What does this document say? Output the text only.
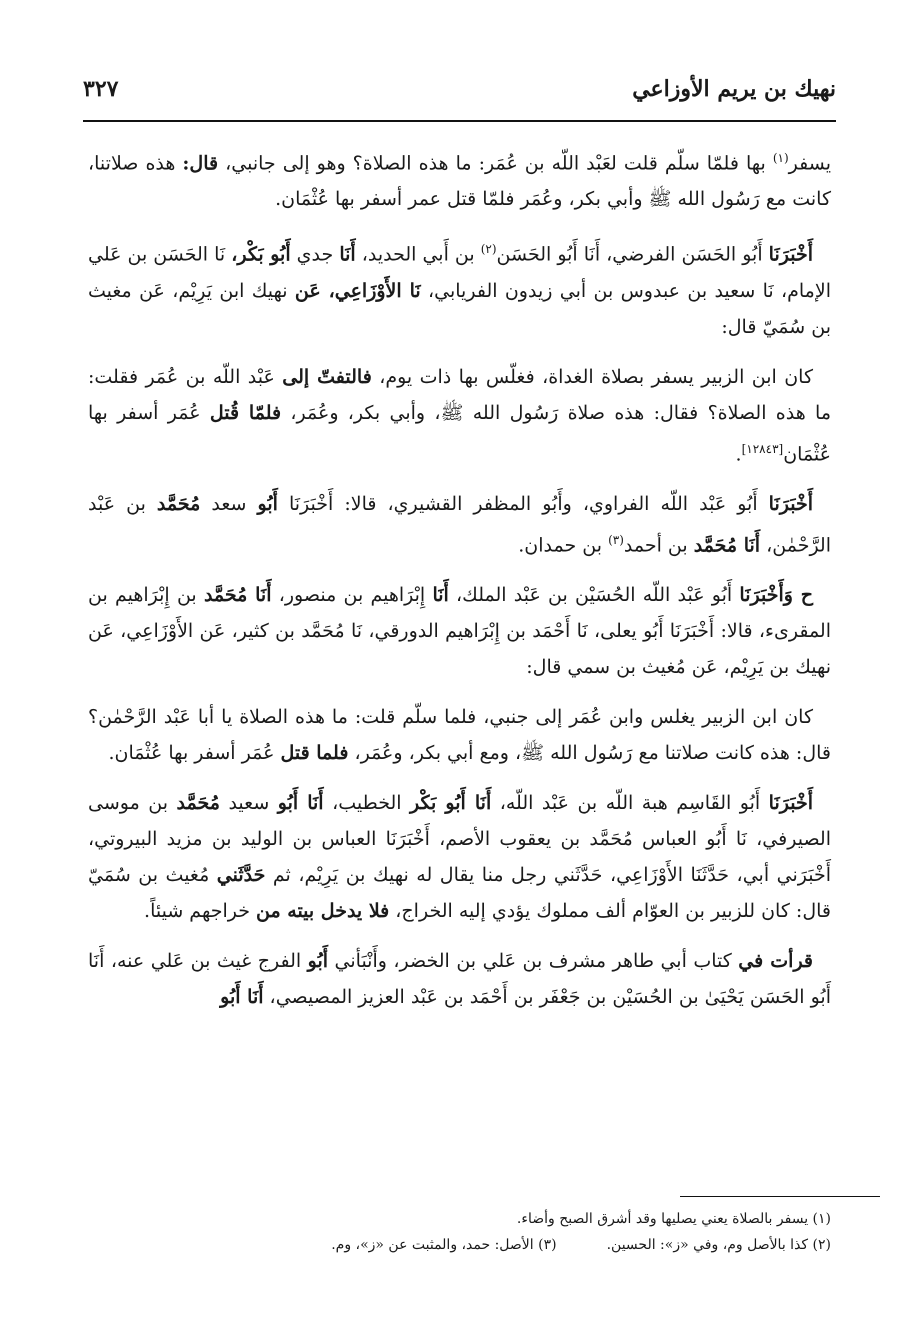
نهيك بن يريم الأوزاعي
٣٢٧

يسفر$^{(١)}$ بها فلمّا سلّم قلت لعَبْد اللّه بن عُمَر: ما هذه الصلاة؟ وهو إلى جانبي، قال: هذه صلاتنا، كانت مع رَسُول الله ﷺ وأبي بكر، وعُمَر فلمّا قتل عمر أسفر بها عُثْمَان.

أَخْبَرَنَا أَبُو الحَسَن الفرضي، أَنَا أَبُو الحَسَن$^{(٢)}$ بن أَبي الحديد، أَنَا جدي أَبُو بَكْر، نَا الحَسَن بن عَلي الإمام، نَا سعيد بن عبدوس بن أبي زيدون الفريابي، نَا الأَوْزَاعِي، عَن نهيك ابن يَرِيْم، عَن مغيث بن سُمَيّ قال:

كان ابن الزبير يسفر بصلاة الغداة، فغلّس بها ذات يوم، فالتفتّ إلى عَبْد اللّه بن عُمَر فقلت: ما هذه الصلاة؟ فقال: هذه صلاة رَسُول الله ﷺ، وأبي بكر، وعُمَر، فلمّا قُتل عُمَر أسفر بها عُثْمَان[١٢٨٤٣].

أَخْبَرَنَا أَبُو عَبْد اللّه الفراوي، وأَبُو المظفر القشيري، قالا: أَخْبَرَنَا أَبُو سعد مُحَمَّد بن عَبْد الرَّحْمٰن، أَنَا مُحَمَّد بن أحمد$^{(٣)}$ بن حمدان.

ح وَأَخْبَرَنَا أَبُو عَبْد اللّه الحُسَيْن بن عَبْد الملك، أَنَا إِبْرَاهيم بن منصور، أَنَا مُحَمَّد بن إِبْرَاهيم بن المقرىء، قالا: أَخْبَرَنَا أَبُو يعلى، نَا أَحْمَد بن إِبْرَاهيم الدورقي، نَا مُحَمَّد بن كثير، عَن الأَوْزَاعِي، عَن نهيك بن يَرِيْم، عَن مُغيث بن سمي قال:

كان ابن الزبير يغلس وابن عُمَر إلى جنبي، فلما سلّم قلت: ما هذه الصلاة يا أبا عَبْد الرَّحْمٰن؟ قال: هذه كانت صلاتنا مع رَسُول الله ﷺ، ومع أبي بكر، وعُمَر، فلما قتل عُمَر أسفر بها عُثْمَان.

أَخْبَرَنَا أَبُو القَاسِم هبة اللّه بن عَبْد اللّه، أَنَا أَبُو بَكْر الخطيب، أَنَا أَبُو سعيد مُحَمَّد بن موسى الصيرفي، نَا أَبُو العباس مُحَمَّد بن يعقوب الأصم، أَخْبَرَنَا العباس بن الوليد بن مزيد البيروتي، أَخْبَرَني أبي، حَدَّثَنَا الأَوْزَاعِي، حَدَّثَني رجل منا يقال له نهيك بن يَرِيْم، ثم حَدَّثَني مُغيث بن سُمَيّ قال: كان للزبير بن العوّام ألف مملوك يؤدي إليه الخراج، فلا يدخل بيته من خراجهم شيئاً.

قرأت في كتاب أبي طاهر مشرف بن عَلي بن الخضر، وأَنْبَأني أَبُو الفرج غيث بن عَلي عنه، أَنَا أَبُو الحَسَن يَحْيَىٰ بن الحُسَيْن بن جَعْفَر بن أَحْمَد بن عَبْد العزيز المصيصي، أَنَا أَبُو

(١) يسفر بالصلاة يعني يصليها وقد أشرق الصبح وأضاء.
(٢) كذا بالأصل وم، وفي «ز»: الحسين.(٣) الأصل: حمد، والمثبت عن «ز»، وم.
